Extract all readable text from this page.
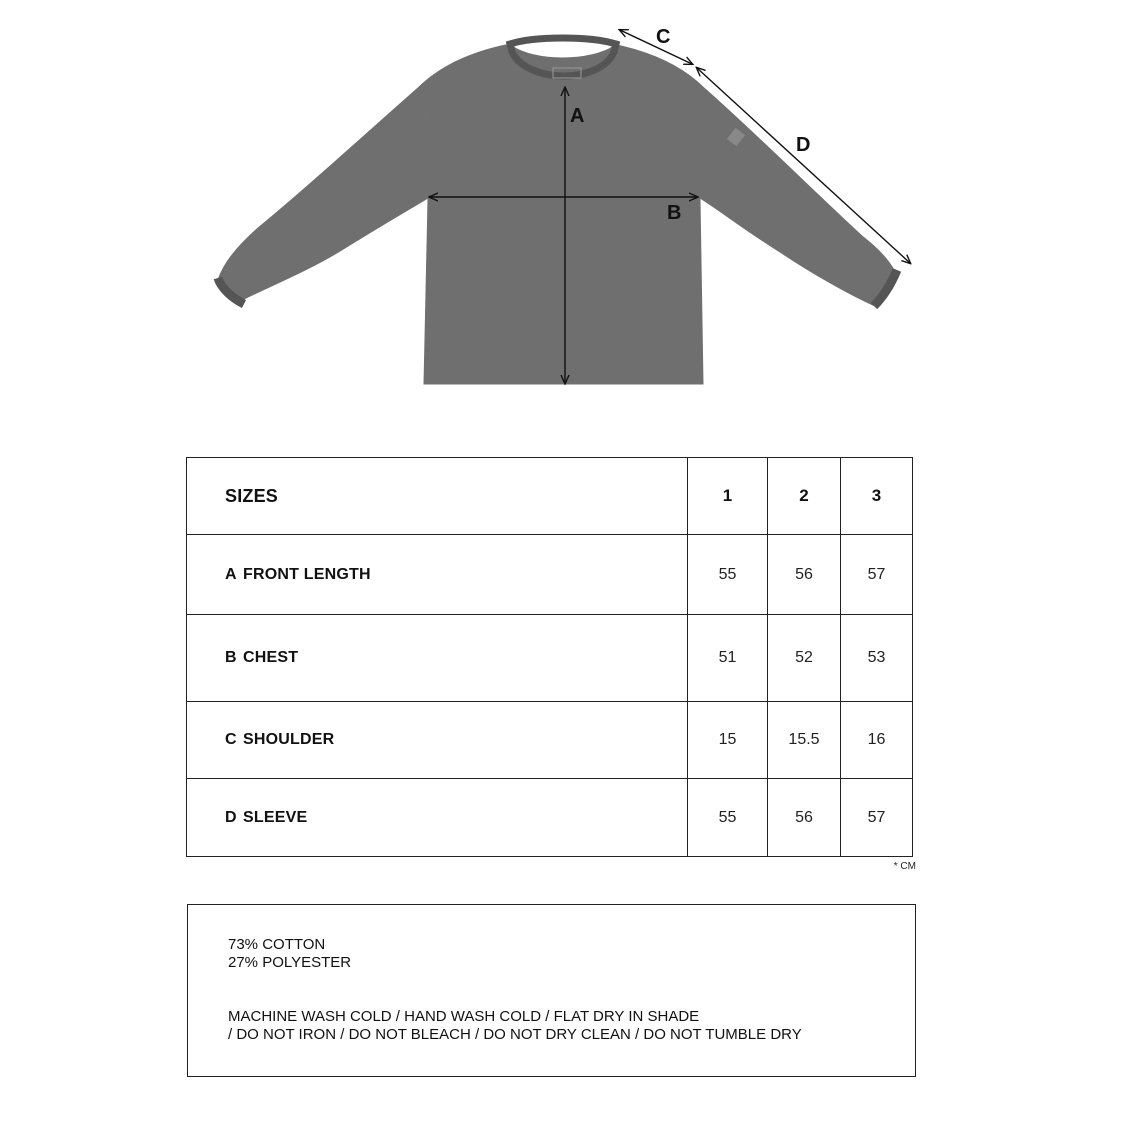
A
B
C
D
SIZES	1	2	3
A FRONT LENGTH	55	56	57
B CHEST	51	52	53
C SHOULDER	15	15.5	16
D SLEEVE	55	56	57
* CM
73% COTTON
27% POLYESTER
MACHINE WASH COLD / HAND WASH COLD / FLAT DRY IN SHADE
/ DO NOT IRON / DO NOT BLEACH / DO NOT DRY CLEAN / DO NOT TUMBLE DRY
